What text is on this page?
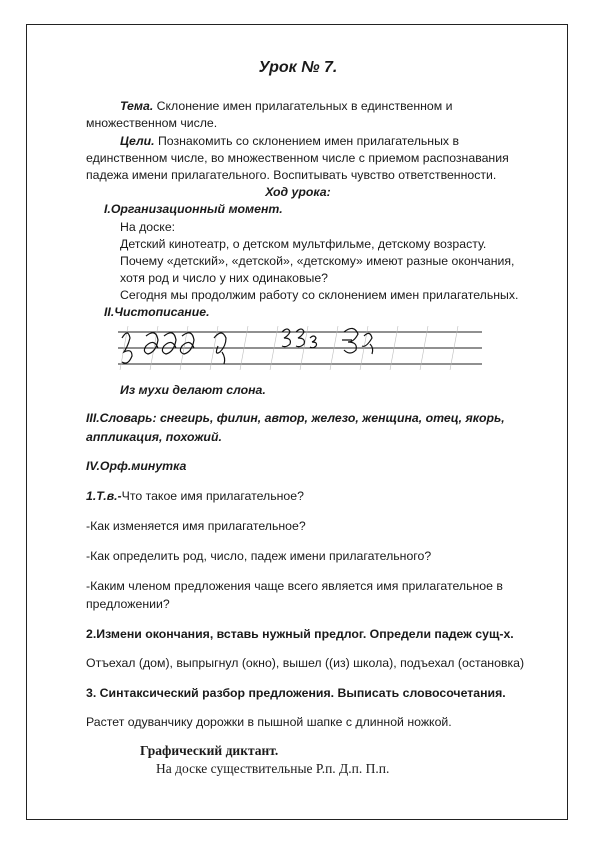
Урок № 7.
Тема. Склонение имен прилагательных в единственном и
множественном числе.
Цели. Познакомить со склонением имен прилагательных в
единственном числе, во множественном числе с приемом распознавания
падежа имени прилагательного. Воспитывать чувство ответственности.
Ход урока:
I.Организационный момент.
На доске:
Детский кинотеатр, о детском мультфильме, детскому возрасту.
Почему «детский», «детской», «детскому» имеют разные окончания,
хотя род и число у них одинаковые?
Сегодня мы продолжим работу со склонением имен прилагательных.
II.Чистописание.
Из мухи делают слона.
III.Словарь: снегирь, филин, автор, железо, женщина, отец, якорь,
аппликация, похожий.
IV.Орф.минутка
1.Т.в.-Что такое имя прилагательное?
-Как изменяется имя прилагательное?
-Как определить род, число, падеж имени прилагательного?
-Каким членом предложения чаще всего является имя прилагательное в
предложении?
2.Измени окончания, вставь нужный предлог. Определи падеж сущ-х.
Отъехал (дом), выпрыгнул (окно), вышел ((из) школа), подъехал (остановка)
3. Синтаксический разбор предложения. Выписать словосочетания.
Растет одуванчику дорожки в пышной шапке с длинной ножкой.
Графический диктант.
На доске существительные Р.п. Д.п. П.п.
